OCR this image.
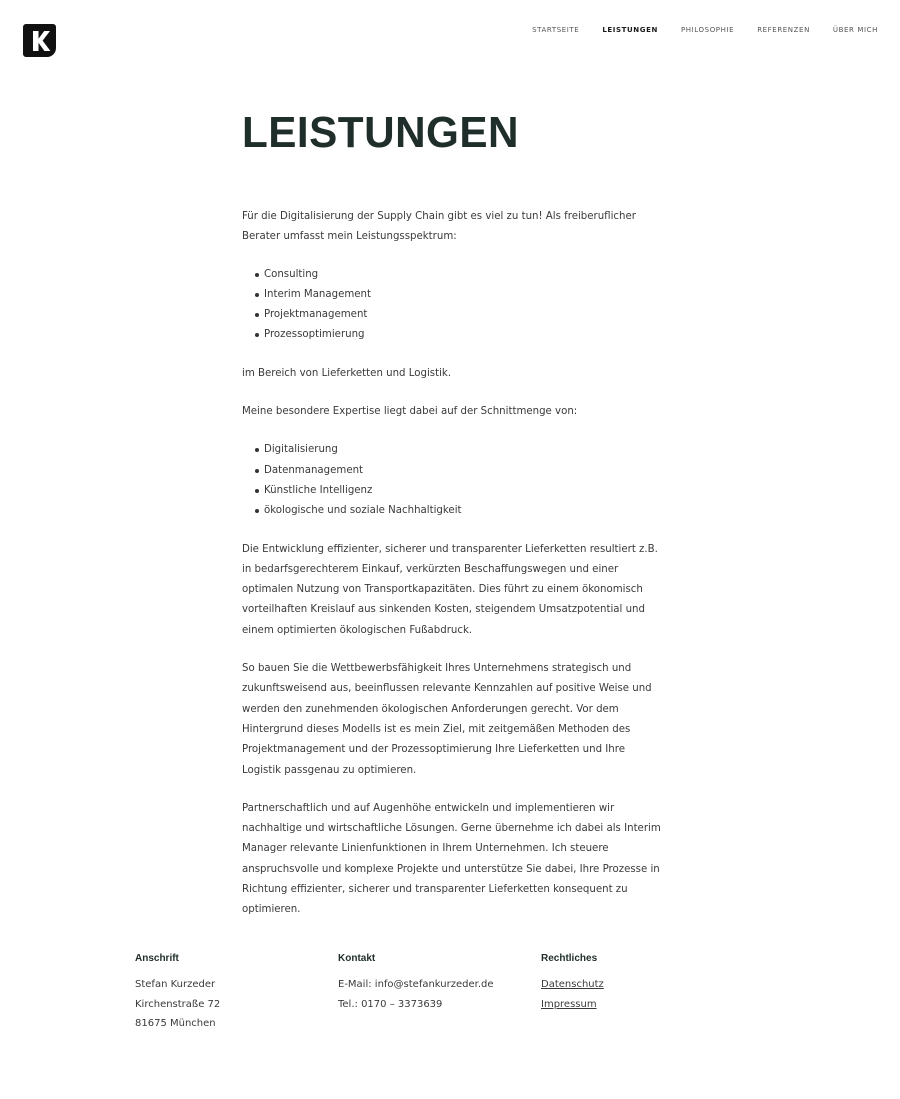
STARTSEITE	LEISTUNGEN	PHILOSOPHIE	REFERENZEN	ÜBER MICH
LEISTUNGEN

Für die Digitalisierung der Supply Chain gibt es viel zu tun! Als freiberuflicher Berater umfasst mein Leistungsspektrum:

Consulting
Interim Management
Projektmanagement
Prozessoptimierung

im Bereich von Lieferketten und Logistik.

Meine besondere Expertise liegt dabei auf der Schnittmenge von:

Digitalisierung
Datenmanagement
Künstliche Intelligenz
ökologische und soziale Nachhaltigkeit

Die Entwicklung effizienter, sicherer und transparenter Lieferketten resultiert z.B. in bedarfsgerechterem Einkauf, verkürzten Beschaffungswegen und einer optimalen Nutzung von Transportkapazitäten. Dies führt zu einem ökonomisch vorteilhaften Kreislauf aus sinkenden Kosten, steigendem Umsatzpotential und einem optimierten ökologischen Fußabdruck.

So bauen Sie die Wettbewerbsfähigkeit Ihres Unternehmens strategisch und zukunftsweisend aus, beeinflussen relevante Kennzahlen auf positive Weise und werden den zunehmenden ökologischen Anforderungen gerecht. Vor dem Hintergrund dieses Modells ist es mein Ziel, mit zeitgemäßen Methoden des Projektmanagement und der Prozessoptimierung Ihre Lieferketten und Ihre Logistik passgenau zu optimieren.

Partnerschaftlich und auf Augenhöhe entwickeln und implementieren wir nachhaltige und wirtschaftliche Lösungen. Gerne übernehme ich dabei als Interim Manager relevante Linienfunktionen in Ihrem Unternehmen. Ich steuere anspruchsvolle und komplexe Projekte und unterstütze Sie dabei, Ihre Prozesse in Richtung effizienter, sicherer und transparenter Lieferketten konsequent zu optimieren.

Anschrift
Stefan Kurzeder
Kirchenstraße 72
81675 München
Kontakt
E-Mail: info@stefankurzeder.de
Tel.: 0170 – 3373639
Rechtliches
Datenschutz
Impressum
